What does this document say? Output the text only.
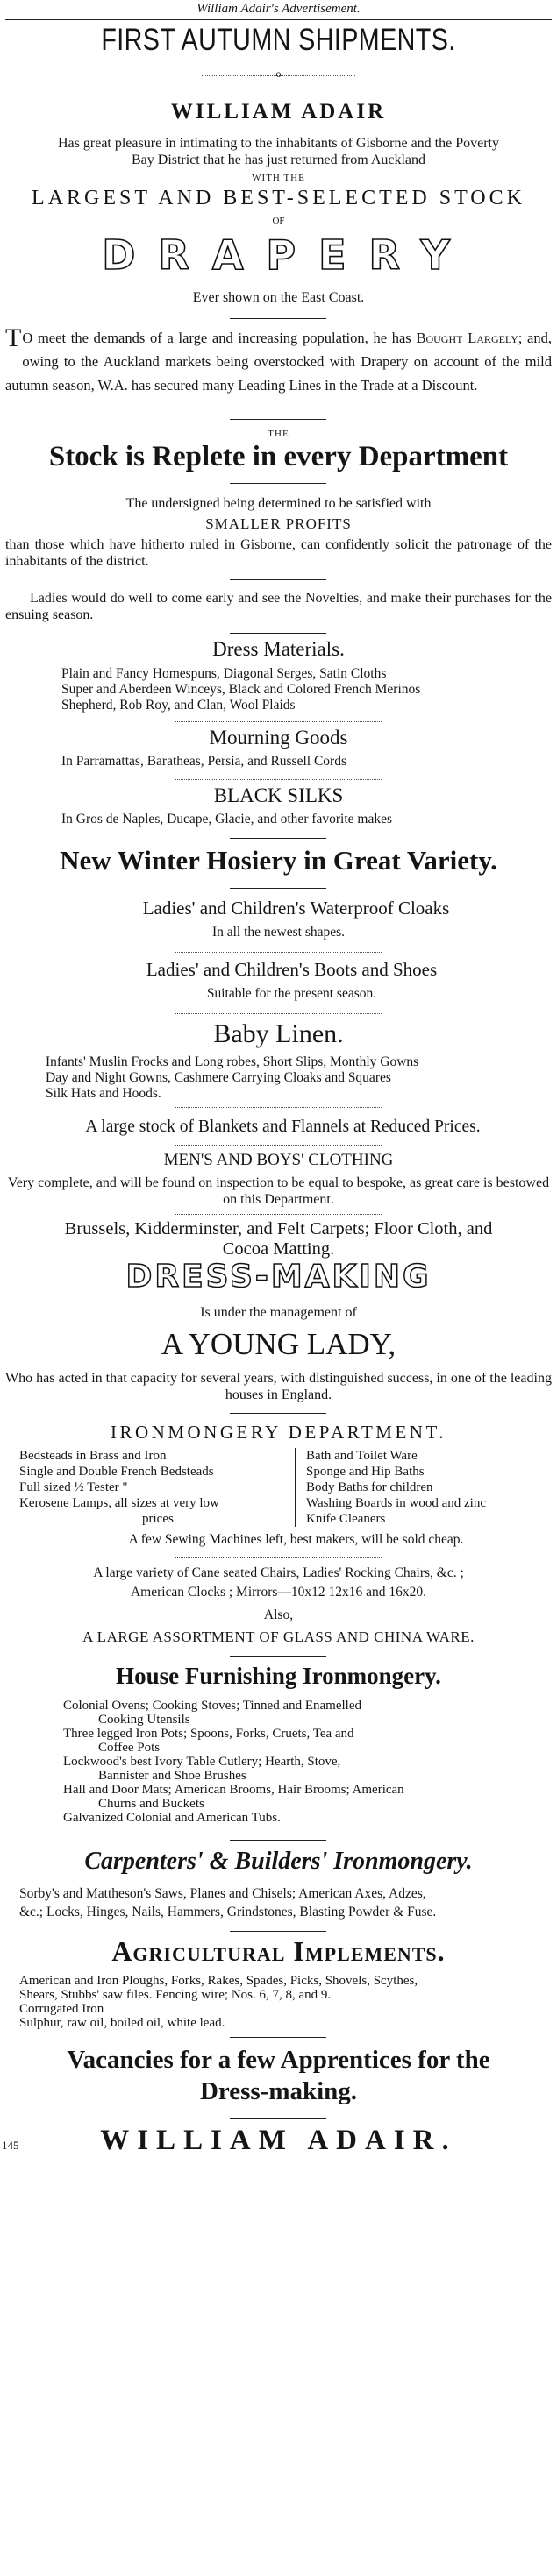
William Adair's Advertisement.
FIRST AUTUMN SHIPMENTS.
o
WILLIAM ADAIR
Has great pleasure in intimating to the inhabitants of Gisborne and the Poverty
Bay District that he has just returned from Auckland
WITH THE
LARGEST AND BEST-SELECTED STOCK
OF
DRAPERY
Ever shown on the East Coast.
T O meet the demands of a large and increasing population, he has Bought Largely; and, owing to the Auckland markets being overstocked with Drapery on account of the mild autumn season, W.A. has secured many Leading Lines in the Trade at a Discount.
THE
Stock is Replete in every Department
The undersigned being determined to be satisfied with
SMALLER PROFITS
than those which have hitherto ruled in Gisborne, can confidently solicit the patronage of the inhabitants of the district.
Ladies would do well to come early and see the Novelties, and make their purchases for the ensuing season.
Dress Materials.

Plain and Fancy Homespuns, Diagonal Serges, Satin Cloths

Super and Aberdeen Winceys, Black and Colored French Merinos

Shepherd, Rob Roy, and Clan, Wool Plaids

Mourning Goods
In Parramattas, Baratheas, Persia, and Russell Cords
BLACK SILKS
In Gros de Naples, Ducape, Glacie, and other favorite makes
New Winter Hosiery in Great Variety.
Ladies' and Children's Waterproof Cloaks
In all the newest shapes.
Ladies' and Children's Boots and Shoes
Suitable for the present season.
Baby Linen.

Infants' Muslin Frocks and Long robes, Short Slips, Monthly Gowns

Day and Night Gowns, Cashmere Carrying Cloaks and Squares

Silk Hats and Hoods.

A large stock of Blankets and Flannels at Reduced Prices.
MEN'S AND BOYS' CLOTHING
Very complete, and will be found on inspection to be equal to bespoke, as great care is bestowed on this Department.
Brussels, Kidderminster, and Felt Carpets; Floor Cloth, and
Cocoa Matting.
DRESS-MAKING
Is under the management of
A YOUNG LADY,
Who has acted in that capacity for several years, with distinguished success, in one of the leading houses in England.
IRONMONGERY DEPARTMENT.

Bedsteads in Brass and Iron

Single and Double French Bedsteads

Full sized ½ Tester "

Kerosene Lamps, all sizes at very low

prices

Bath and Toilet Ware

Sponge and Hip Baths

Body Baths for children

Washing Boards in wood and zinc

Knife Cleaners

A few Sewing Machines left, best makers, will be sold cheap.
A large variety of Cane seated Chairs, Ladies' Rocking Chairs, &c. ;
American Clocks ; Mirrors—10x12 12x16 and 16x20.
Also,
A LARGE ASSORTMENT OF GLASS AND CHINA WARE.
House Furnishing Ironmongery.

Colonial Ovens; Cooking Stoves; Tinned and Enamelled

Cooking Utensils

Three legged Iron Pots; Spoons, Forks, Cruets, Tea and

Coffee Pots

Lockwood's best Ivory Table Cutlery; Hearth, Stove,

Bannister and Shoe Brushes

Hall and Door Mats; American Brooms, Hair Brooms; American

Churns and Buckets

Galvanized Colonial and American Tubs.

Carpenters' & Builders' Ironmongery.
Sorby's and Mattheson's Saws, Planes and Chisels; American Axes, Adzes,
&c.; Locks, Hinges, Nails, Hammers, Grindstones, Blasting Powder & Fuse.
Agricultural Implements.

American and Iron Ploughs, Forks, Rakes, Spades, Picks, Shovels, Scythes,

Shears, Stubbs' saw files. Fencing wire; Nos. 6, 7, 8, and 9.

Corrugated Iron

Sulphur, raw oil, boiled oil, white lead.

Vacancies for a few Apprentices for the
Dress-making.
145	WILLIAM ADAIR.
